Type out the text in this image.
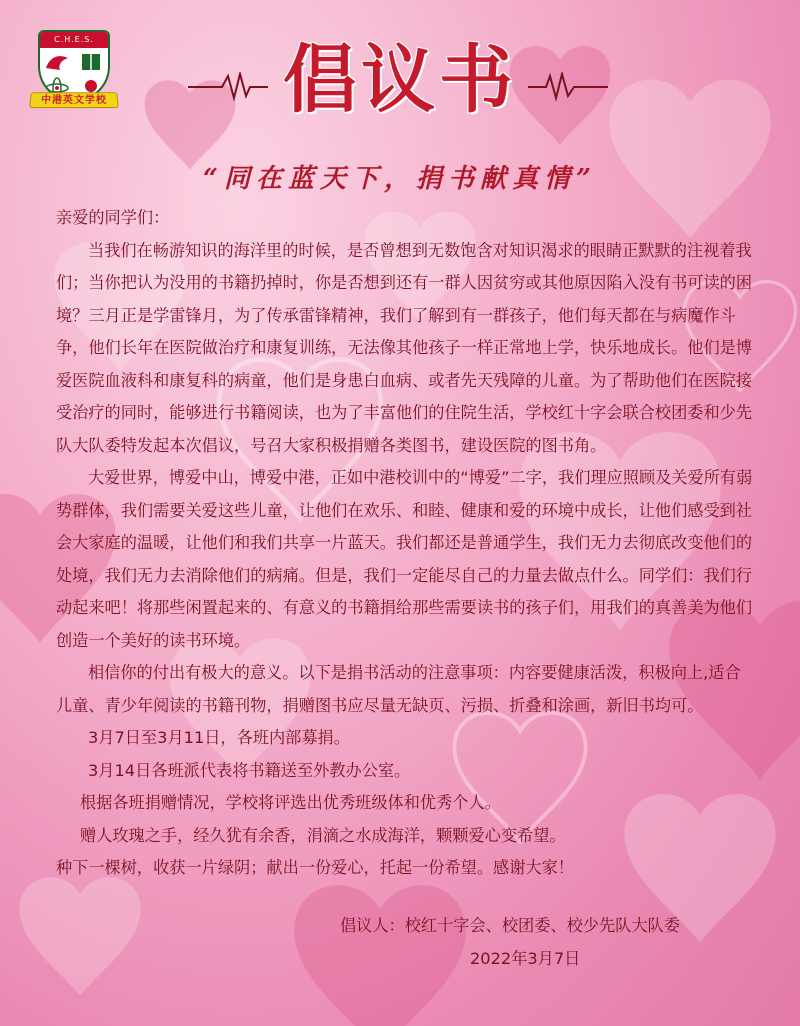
C.H.E.S.
中港英文学校	倡议书
“同在蓝天下，捐书献真情”

亲爱的同学们：

当我们在畅游知识的海洋里的时候，是否曾想到无数饱含对知识渴求的眼睛正默默的注视着我们；当你把认为没用的书籍扔掉时，你是否想到还有一群人因贫穷或其他原因陷入没有书可读的困境？三月正是学雷锋月，为了传承雷锋精神，我们了解到有一群孩子，他们每天都在与病魔作斗争，他们长年在医院做治疗和康复训练，无法像其他孩子一样正常地上学，快乐地成长。他们是博爱医院血液科和康复科的病童，他们是身患白血病、或者先天残障的儿童。为了帮助他们在医院接受治疗的同时，能够进行书籍阅读，也为了丰富他们的住院生活，学校红十字会联合校团委和少先队大队委特发起本次倡议，号召大家积极捐赠各类图书，建设医院的图书角。

大爱世界，博爱中山，博爱中港，正如中港校训中的“博爱”二字，我们理应照顾及关爱所有弱势群体，我们需要关爱这些儿童，让他们在欢乐、和睦、健康和爱的环境中成长，让他们感受到社会大家庭的温暖，让他们和我们共享一片蓝天。我们都还是普通学生，我们无力去彻底改变他们的处境，我们无力去消除他们的病痛。但是，我们一定能尽自己的力量去做点什么。同学们：我们行动起来吧！将那些闲置起来的、有意义的书籍捐给那些需要读书的孩子们，用我们的真善美为他们创造一个美好的读书环境。

相信你的付出有极大的意义。以下是捐书活动的注意事项：内容要健康活泼，积极向上,适合儿童、青少年阅读的书籍刊物，捐赠图书应尽量无缺页、污损、折叠和涂画，新旧书均可。

3月7日至3月11日，各班内部募捐。

3月14日各班派代表将书籍送至外教办公室。

根据各班捐赠情况，学校将评选出优秀班级体和优秀个人。

赠人玫瑰之手，经久犹有余香，涓滴之水成海洋，颗颗爱心变希望。

种下一棵树，收获一片绿阴；献出一份爱心，托起一份希望。感谢大家！

倡议人：校红十字会、校团委、校少先队大队委
2022年3月7日
